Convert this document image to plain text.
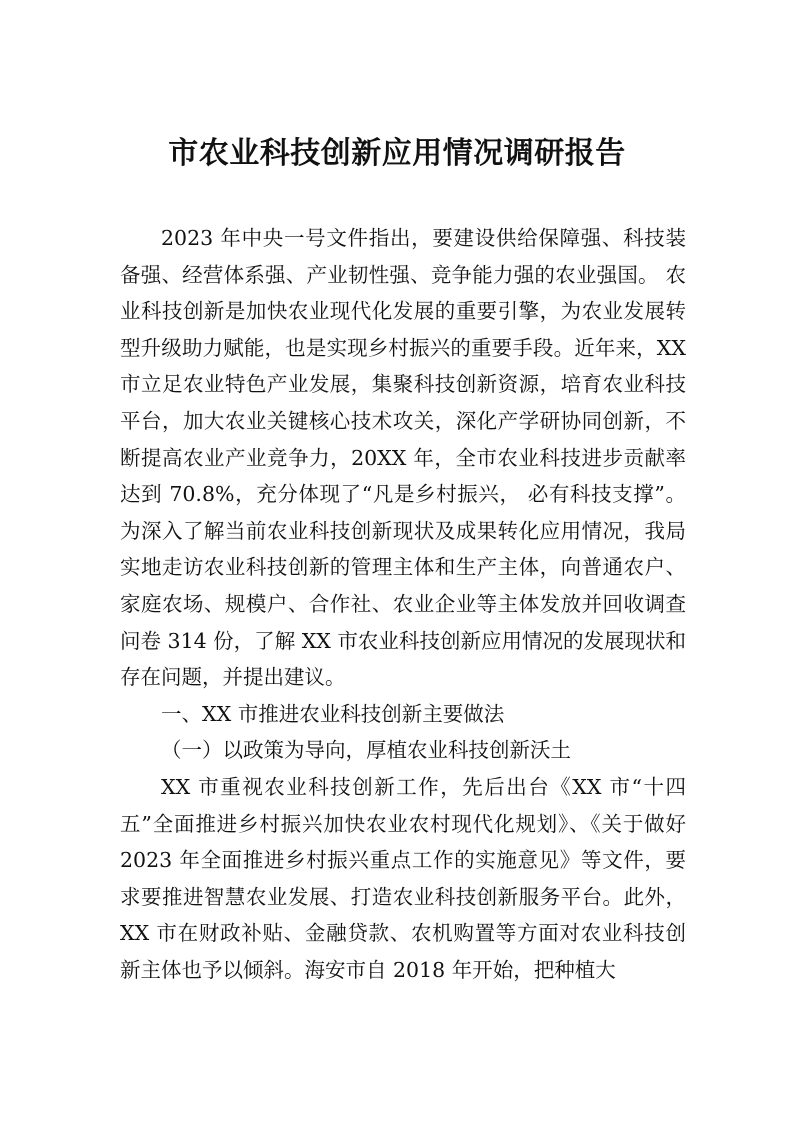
市农业科技创新应用情况调研报告

2023 年中央一号文件指出，要建设供给保障强、科技装备强、经营体系强、产业韧性强、竞争能力强的农业强国。 农业科技创新是加快农业现代化发展的重要引擎，为农业发展转型升级助力赋能，也是实现乡村振兴的重要手段。近年来，XX 市立足农业特色产业发展，集聚科技创新资源，培育农业科技平台，加大农业关键核心技术攻关，深化产学研协同创新，不断提高农业产业竞争力，20XX 年，全市农业科技进步贡献率达到 70.8%，充分体现了“凡是乡村振兴， 必有科技支撑”。为深入了解当前农业科技创新现状及成果转化应用情况，我局实地走访农业科技创新的管理主体和生产主体，向普通农户、家庭农场、规模户、合作社、农业企业等主体发放并回收调查问卷 314 份，了解 XX 市农业科技创新应用情况的发展现状和存在问题，并提出建议。

一、XX 市推进农业科技创新主要做法

（一）以政策为导向，厚植农业科技创新沃土

XX 市重视农业科技创新工作，先后出台《XX 市“十四五”全面推进乡村振兴加快农业农村现代化规划》、《关于做好 2023 年全面推进乡村振兴重点工作的实施意见》等文件，要求要推进智慧农业发展、打造农业科技创新服务平台。此外，XX 市在财政补贴、金融贷款、农机购置等方面对农业科技创新主体也予以倾斜。海安市自 2018 年开始，把种植大
